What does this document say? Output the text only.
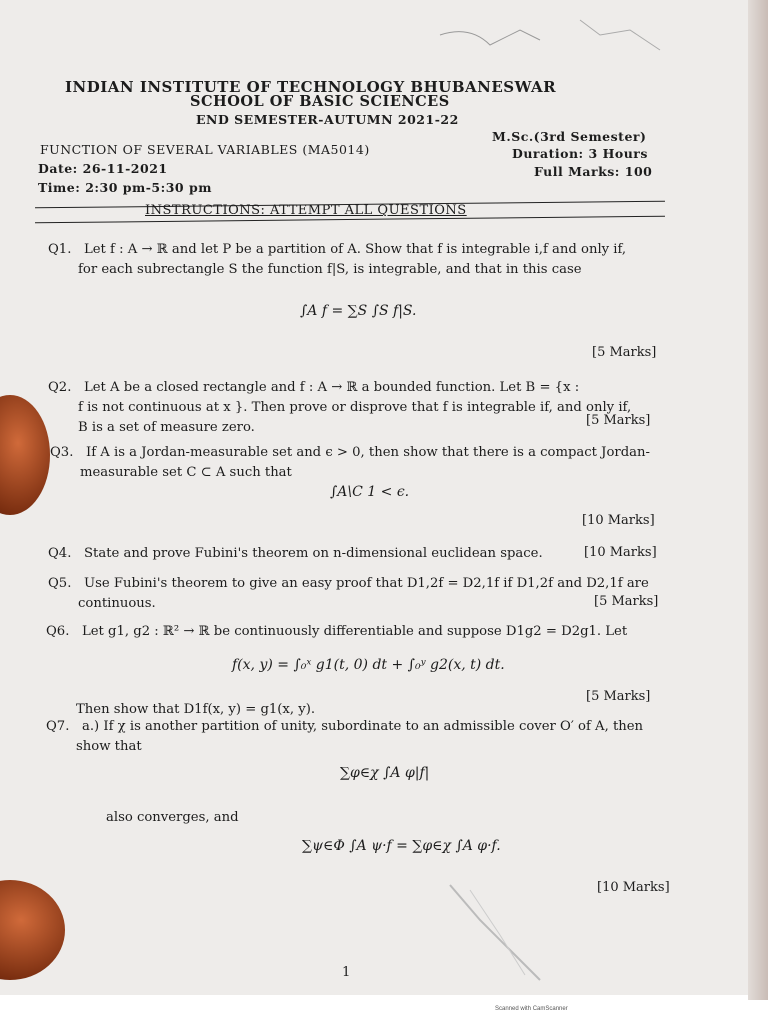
INDIAN INSTITUTE OF TECHNOLOGY BHUBANESWAR
SCHOOL OF BASIC SCIENCES
END SEMESTER-AUTUMN 2021-22
FUNCTION OF SEVERAL VARIABLES (MA5014)
M.Sc.(3rd Semester)
Date: 26-11-2021
Duration: 3 Hours
Time: 2:30 pm-5:30 pm
Full Marks: 100
INSTRUCTIONS: ATTEMPT ALL QUESTIONS
Q1. Let f : A → ℝ and let P be a partition of A. Show that f is integrable i,f and only if,
for each subrectangle S the function f|S, is integrable, and that in this case
∫A f = ∑S ∫S f|S.
[5 Marks]
Q2. Let A be a closed rectangle and f : A → ℝ a bounded function. Let B = {x :
f is not continuous at x }. Then prove or disprove that f is integrable if, and only if,
B is a set of measure zero.	[5 Marks]
Q3. If A is a Jordan-measurable set and ϵ > 0, then show that there is a compact Jordan-
measurable set C ⊂ A such that
∫A\C 1 < ϵ.
[10 Marks]
Q4. State and prove Fubini's theorem on n-dimensional euclidean space.	[10 Marks]
Q5. Use Fubini's theorem to give an easy proof that D1,2f = D2,1f if D1,2f and D2,1f are
continuous.	[5 Marks]
Q6. Let g1, g2 : ℝ² → ℝ be continuously differentiable and suppose D1g2 = D2g1. Let
f(x, y) = ∫₀ˣ g1(t, 0) dt + ∫₀ʸ g2(x, t) dt.
Then show that D1f(x, y) = g1(x, y).
[5 Marks]
Q7. a.) If χ is another partition of unity, subordinate to an admissible cover O′ of A, then
show that
∑φ∈χ ∫A φ|f|
also converges, and
∑ψ∈Φ ∫A ψ·f = ∑φ∈χ ∫A φ·f.
[10 Marks]
1
Scanned with CamScanner
